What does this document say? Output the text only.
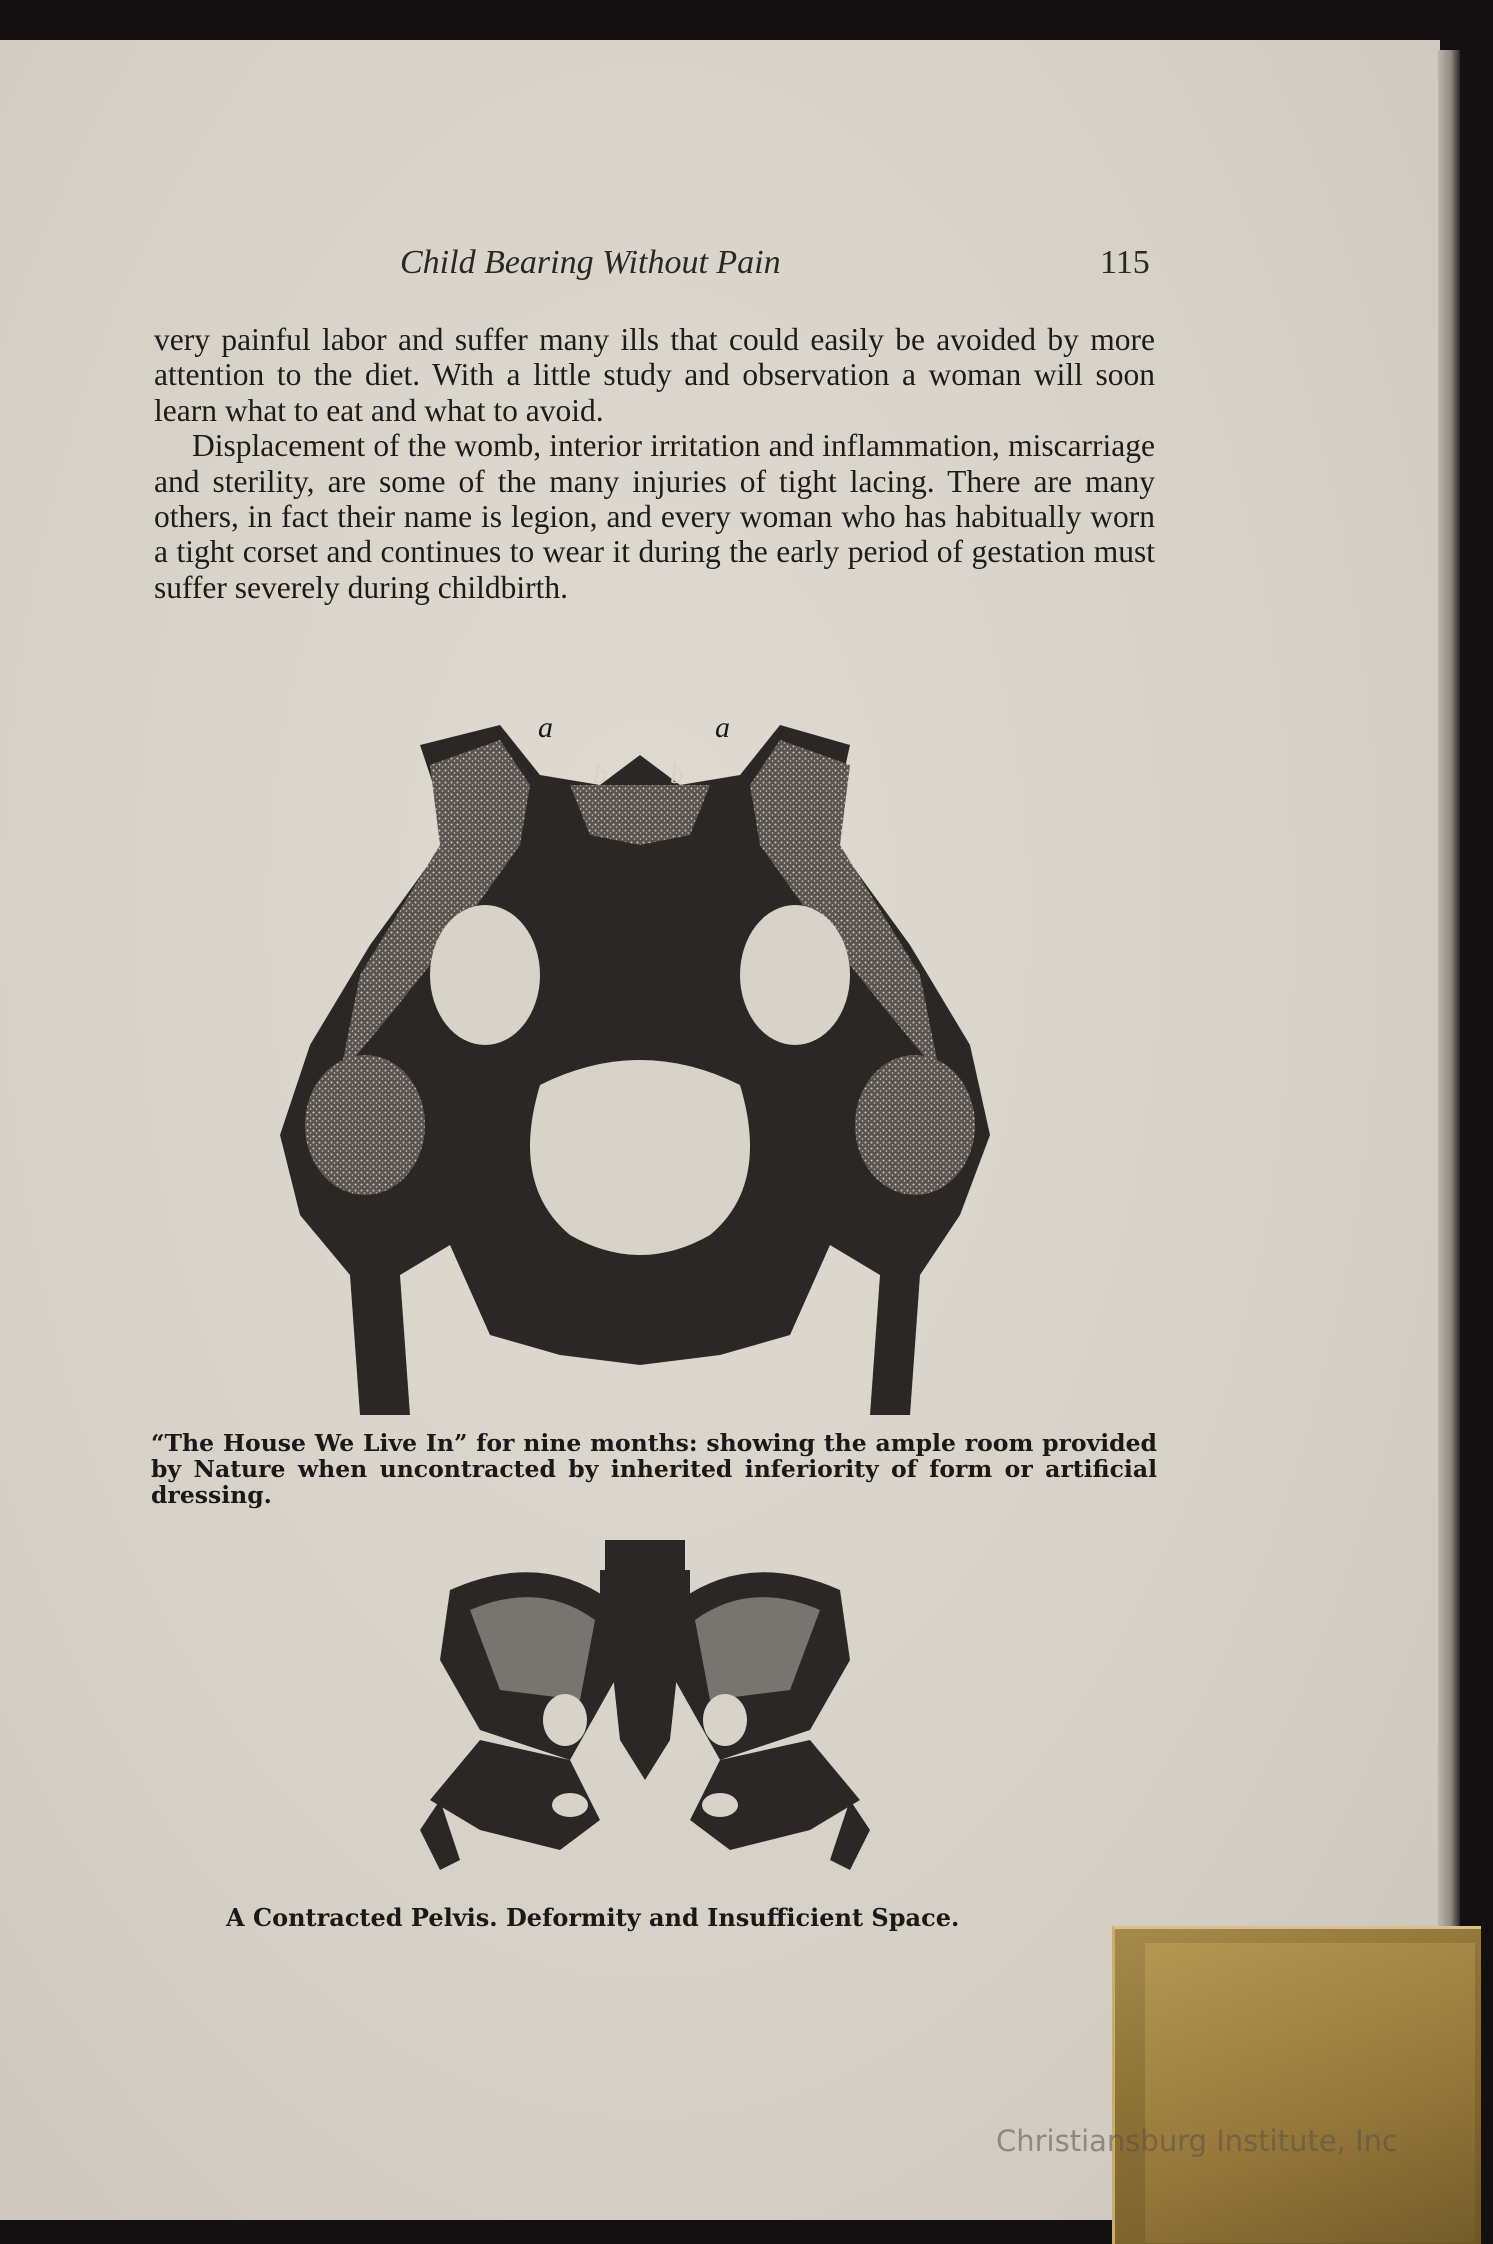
Child Bearing Without Pain	115

very painful labor and suffer many ills that could easily be avoided by more attention to the diet. With a little study and observation a woman will soon learn what to eat and what to avoid.

Displacement of the womb, interior irritation and inflammation, miscarriage and sterility, are some of the many injuries of tight lacing. There are many others, in fact their name is legion, and every woman who has habitually worn a tight corset and continues to wear it during the early period of gestation must suffer severely during childbirth.

a	a
b b
“The House We Live In” for nine months: showing the ample room provided by Nature when uncontracted by inherited inferiority of form or artificial dressing.
A Contracted Pelvis. Deformity and Insufficient Space.
Christiansburg Institute, Inc
